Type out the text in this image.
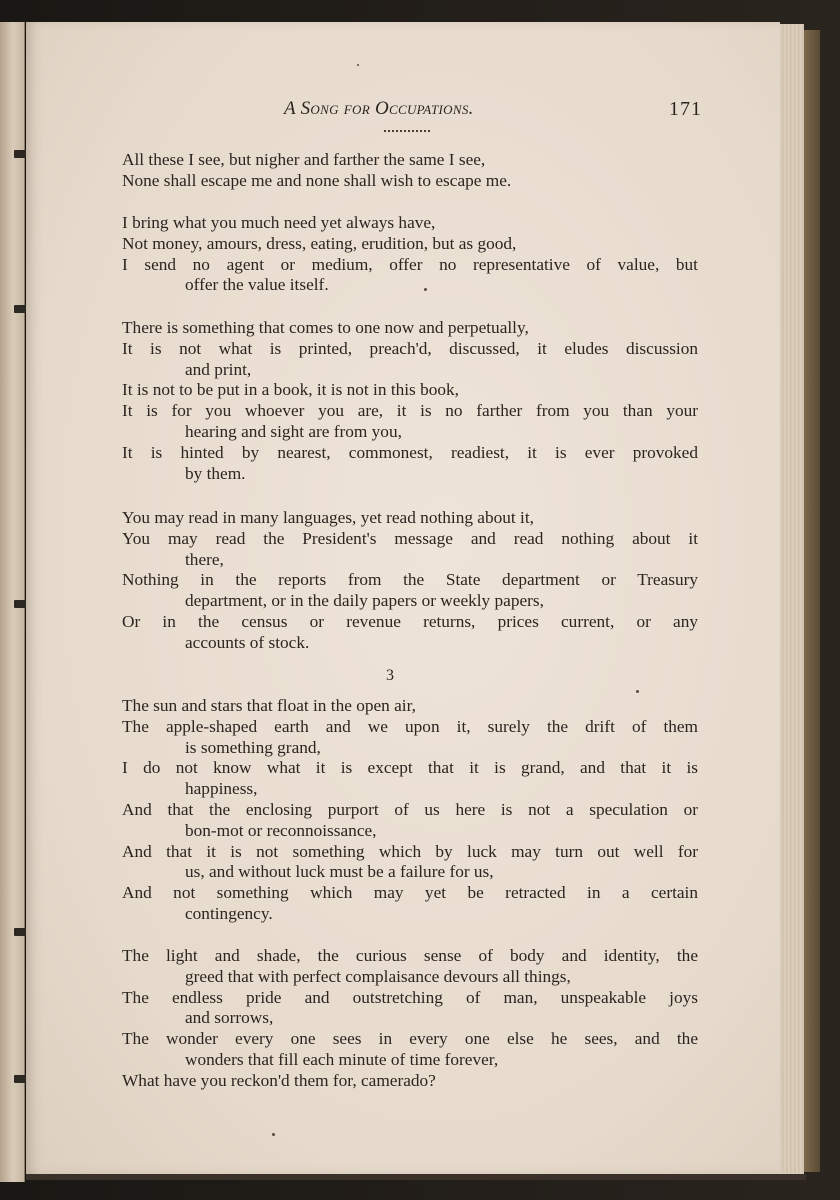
A Song for Occupations.	171
All these I see, but nigher and farther the same I see,
None shall escape me and none shall wish to escape me.
I bring what you much need yet always have,
Not money, amours, dress, eating, erudition, but as good,
I send no agent or medium, offer no representative of value, but
offer the value itself.
There is something that comes to one now and perpetually,
It is not what is printed, preach'd, discussed, it eludes discussion
and print,
It is not to be put in a book, it is not in this book,
It is for you whoever you are, it is no farther from you than your
hearing and sight are from you,
It is hinted by nearest, commonest, readiest, it is ever provoked
by them.
You may read in many languages, yet read nothing about it,
You may read the President's message and read nothing about it
there,
Nothing in the reports from the State department or Treasury
department, or in the daily papers or weekly papers,
Or in the census or revenue returns, prices current, or any
accounts of stock.
3
The sun and stars that float in the open air,
The apple-shaped earth and we upon it, surely the drift of them
is something grand,
I do not know what it is except that it is grand, and that it is
happiness,
And that the enclosing purport of us here is not a speculation or
bon-mot or reconnoissance,
And that it is not something which by luck may turn out well for
us, and without luck must be a failure for us,
And not something which may yet be retracted in a certain
contingency.
The light and shade, the curious sense of body and identity, the
greed that with perfect complaisance devours all things,
The endless pride and outstretching of man, unspeakable joys
and sorrows,
The wonder every one sees in every one else he sees, and the
wonders that fill each minute of time forever,
What have you reckon'd them for, camerado?
